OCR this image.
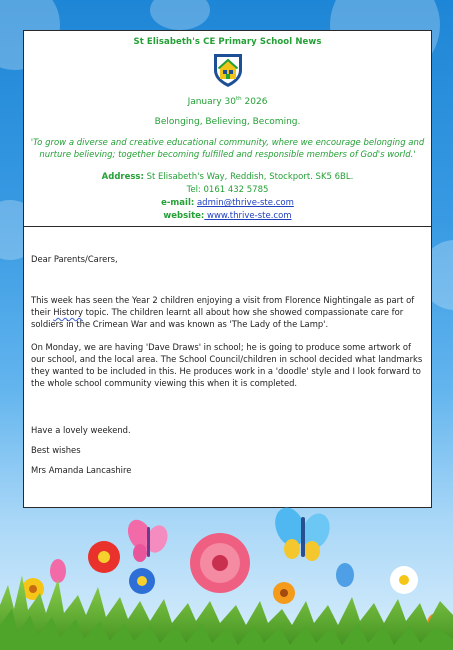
St Elisabeth's CE Primary School News
January 30th 2026
Belonging, Believing, Becoming.
'To grow a diverse and creative educational community, where we encourage belonging and nurture believing; together becoming fulfilled and responsible members of God's world.'
Address: St Elisabeth's Way, Reddish, Stockport. SK5 6BL.
Tel: 0161 432 5785
e-mail: admin@thrive-ste.com
website: www.thrive-ste.com

Dear Parents/Carers,

This week has seen the Year 2 children enjoying a visit from Florence Nightingale as part of their History topic. The children learnt all about how she showed compassionate care for soldiers in the Crimean War and was known as 'The Lady of the Lamp'.

On Monday, we are having 'Dave Draws' in school; he is going to produce some artwork of our school, and the local area. The School Council/children in school decided what landmarks they wanted to be included in this. He produces work in a 'doodle' style and I look forward to the whole school community viewing this when it is completed.

Have a lovely weekend.

Best wishes

Mrs Amanda Lancashire
